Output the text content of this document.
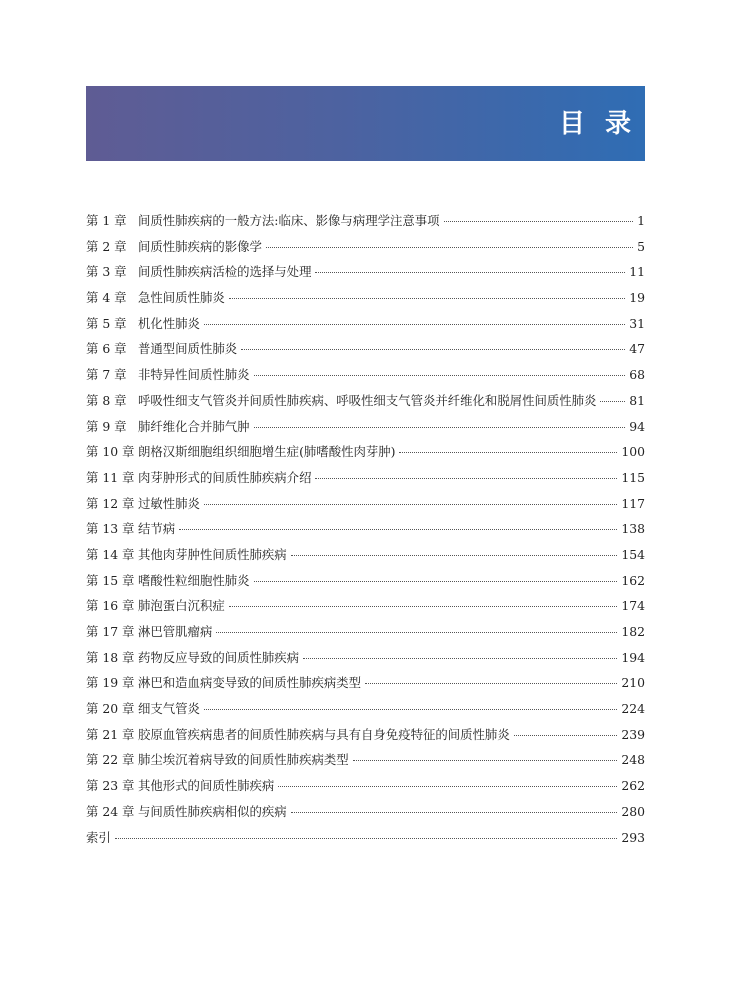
目录
第 1 章 间质性肺疾病的一般方法:临床、影像与病理学注意事项	1
第 2 章 间质性肺疾病的影像学	5
第 3 章 间质性肺疾病活检的选择与处理	11
第 4 章 急性间质性肺炎	19
第 5 章 机化性肺炎	31
第 6 章 普通型间质性肺炎	47
第 7 章 非特异性间质性肺炎	68
第 8 章 呼吸性细支气管炎并间质性肺疾病、呼吸性细支气管炎并纤维化和脱屑性间质性肺炎	81
第 9 章 肺纤维化合并肺气肿	94
第 10 章 朗格汉斯细胞组织细胞增生症(肺嗜酸性肉芽肿)	100
第 11 章 肉芽肿形式的间质性肺疾病介绍	115
第 12 章 过敏性肺炎	117
第 13 章 结节病	138
第 14 章 其他肉芽肿性间质性肺疾病	154
第 15 章 嗜酸性粒细胞性肺炎	162
第 16 章 肺泡蛋白沉积症	174
第 17 章 淋巴管肌瘤病	182
第 18 章 药物反应导致的间质性肺疾病	194
第 19 章 淋巴和造血病变导致的间质性肺疾病类型	210
第 20 章 细支气管炎	224
第 21 章 胶原血管疾病患者的间质性肺疾病与具有自身免疫特征的间质性肺炎	239
第 22 章 肺尘埃沉着病导致的间质性肺疾病类型	248
第 23 章 其他形式的间质性肺疾病	262
第 24 章 与间质性肺疾病相似的疾病	280
索引	293
